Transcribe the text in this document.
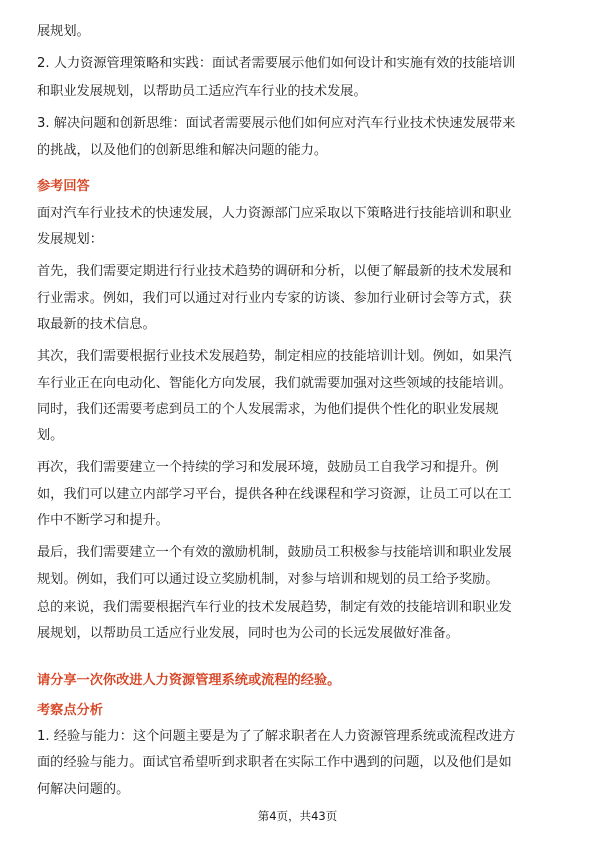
展规划。

2. 人力资源管理策略和实践：面试者需要展示他们如何设计和实施有效的技能培训

和职业发展规划，以帮助员工适应汽车行业的技术发展。

3. 解决问题和创新思维：面试者需要展示他们如何应对汽车行业技术快速发展带来

的挑战，以及他们的创新思维和解决问题的能力。

参考回答

面对汽车行业技术的快速发展，人力资源部门应采取以下策略进行技能培训和职业

发展规划：

首先，我们需要定期进行行业技术趋势的调研和分析，以便了解最新的技术发展和

行业需求。例如，我们可以通过对行业内专家的访谈、参加行业研讨会等方式，获

取最新的技术信息。

其次，我们需要根据行业技术发展趋势，制定相应的技能培训计划。例如，如果汽

车行业正在向电动化、智能化方向发展，我们就需要加强对这些领域的技能培训。

同时，我们还需要考虑到员工的个人发展需求，为他们提供个性化的职业发展规

划。

再次，我们需要建立一个持续的学习和发展环境，鼓励员工自我学习和提升。例

如，我们可以建立内部学习平台，提供各种在线课程和学习资源，让员工可以在工

作中不断学习和提升。

最后，我们需要建立一个有效的激励机制，鼓励员工积极参与技能培训和职业发展

规划。例如，我们可以通过设立奖励机制，对参与培训和规划的员工给予奖励。

总的来说，我们需要根据汽车行业的技术发展趋势，制定有效的技能培训和职业发

展规划，以帮助员工适应行业发展，同时也为公司的长远发展做好准备。

请分享一次你改进人力资源管理系统或流程的经验。

考察点分析

1. 经验与能力：这个问题主要是为了了解求职者在人力资源管理系统或流程改进方

面的经验与能力。面试官希望听到求职者在实际工作中遇到的问题，以及他们是如

何解决问题的。

第4页，共43页
